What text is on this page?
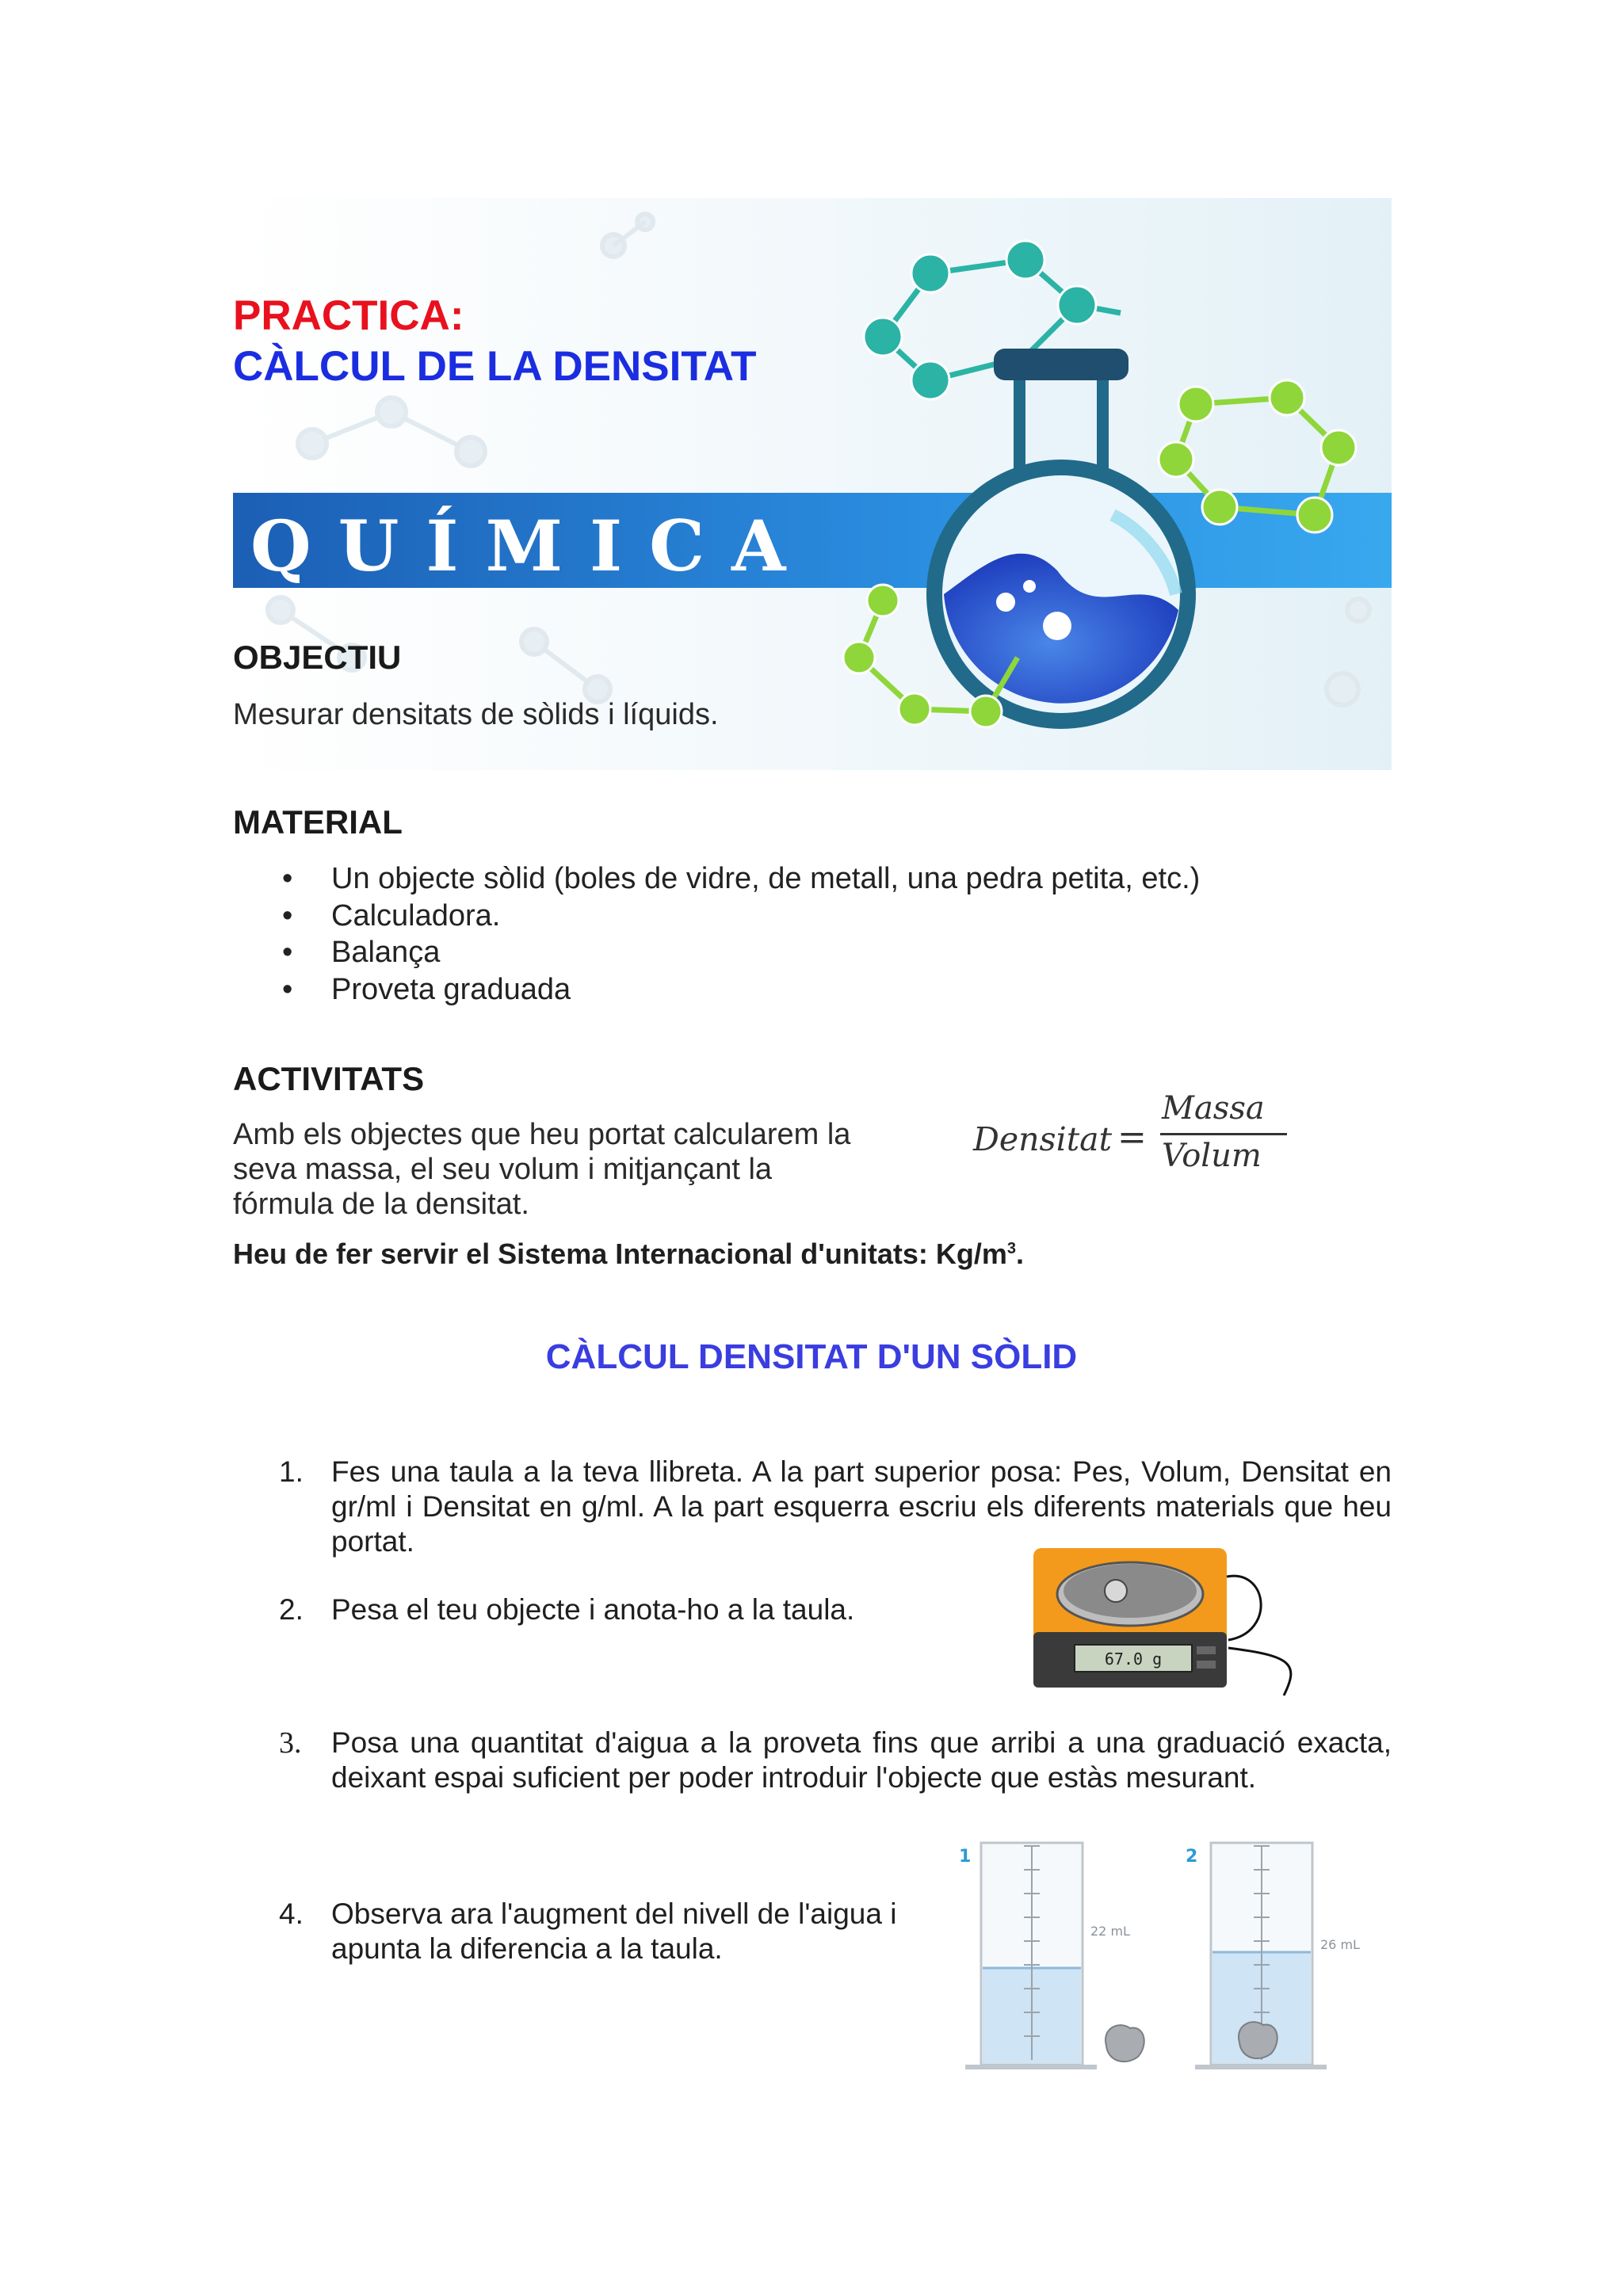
QUÍMICA
PRACTICA:
CÀLCUL DE LA DENSITAT
OBJECTIU
Mesurar densitats de sòlids i líquids.
MATERIAL
• Un objecte sòlid (boles de vidre, de metall, una pedra petita, etc.)
• Calculadora.
• Balança
• Proveta graduada
ACTIVITATS
Amb els objectes que heu portat calcularem la seva massa, el seu volum i mitjançant la fórmula de la densitat.
Densitat =
Massa
Volum
Heu de fer servir el Sistema Internacional d'unitats: $Kg/m^3$.
CÀLCUL DENSITAT D'UN SÒLID
1. Fes una taula a la teva llibreta. A la part superior posa: Pes, Volum, Densitat en gr/ml i Densitat en g/ml. A la part esquerra escriu els diferents materials que heu portat.
2. Pesa el teu objecte i anota-ho a la taula.
3. Posa una quantitat d'aigua a la proveta fins que arribi a una graduació exacta, deixant espai suficient per poder introduir l'objecte que estàs mesurant.
4. Observa ara l'augment del nivell de l'aigua i apunta la diferencia a la taula.
67.0 g
1
22 mL
2
26 mL
